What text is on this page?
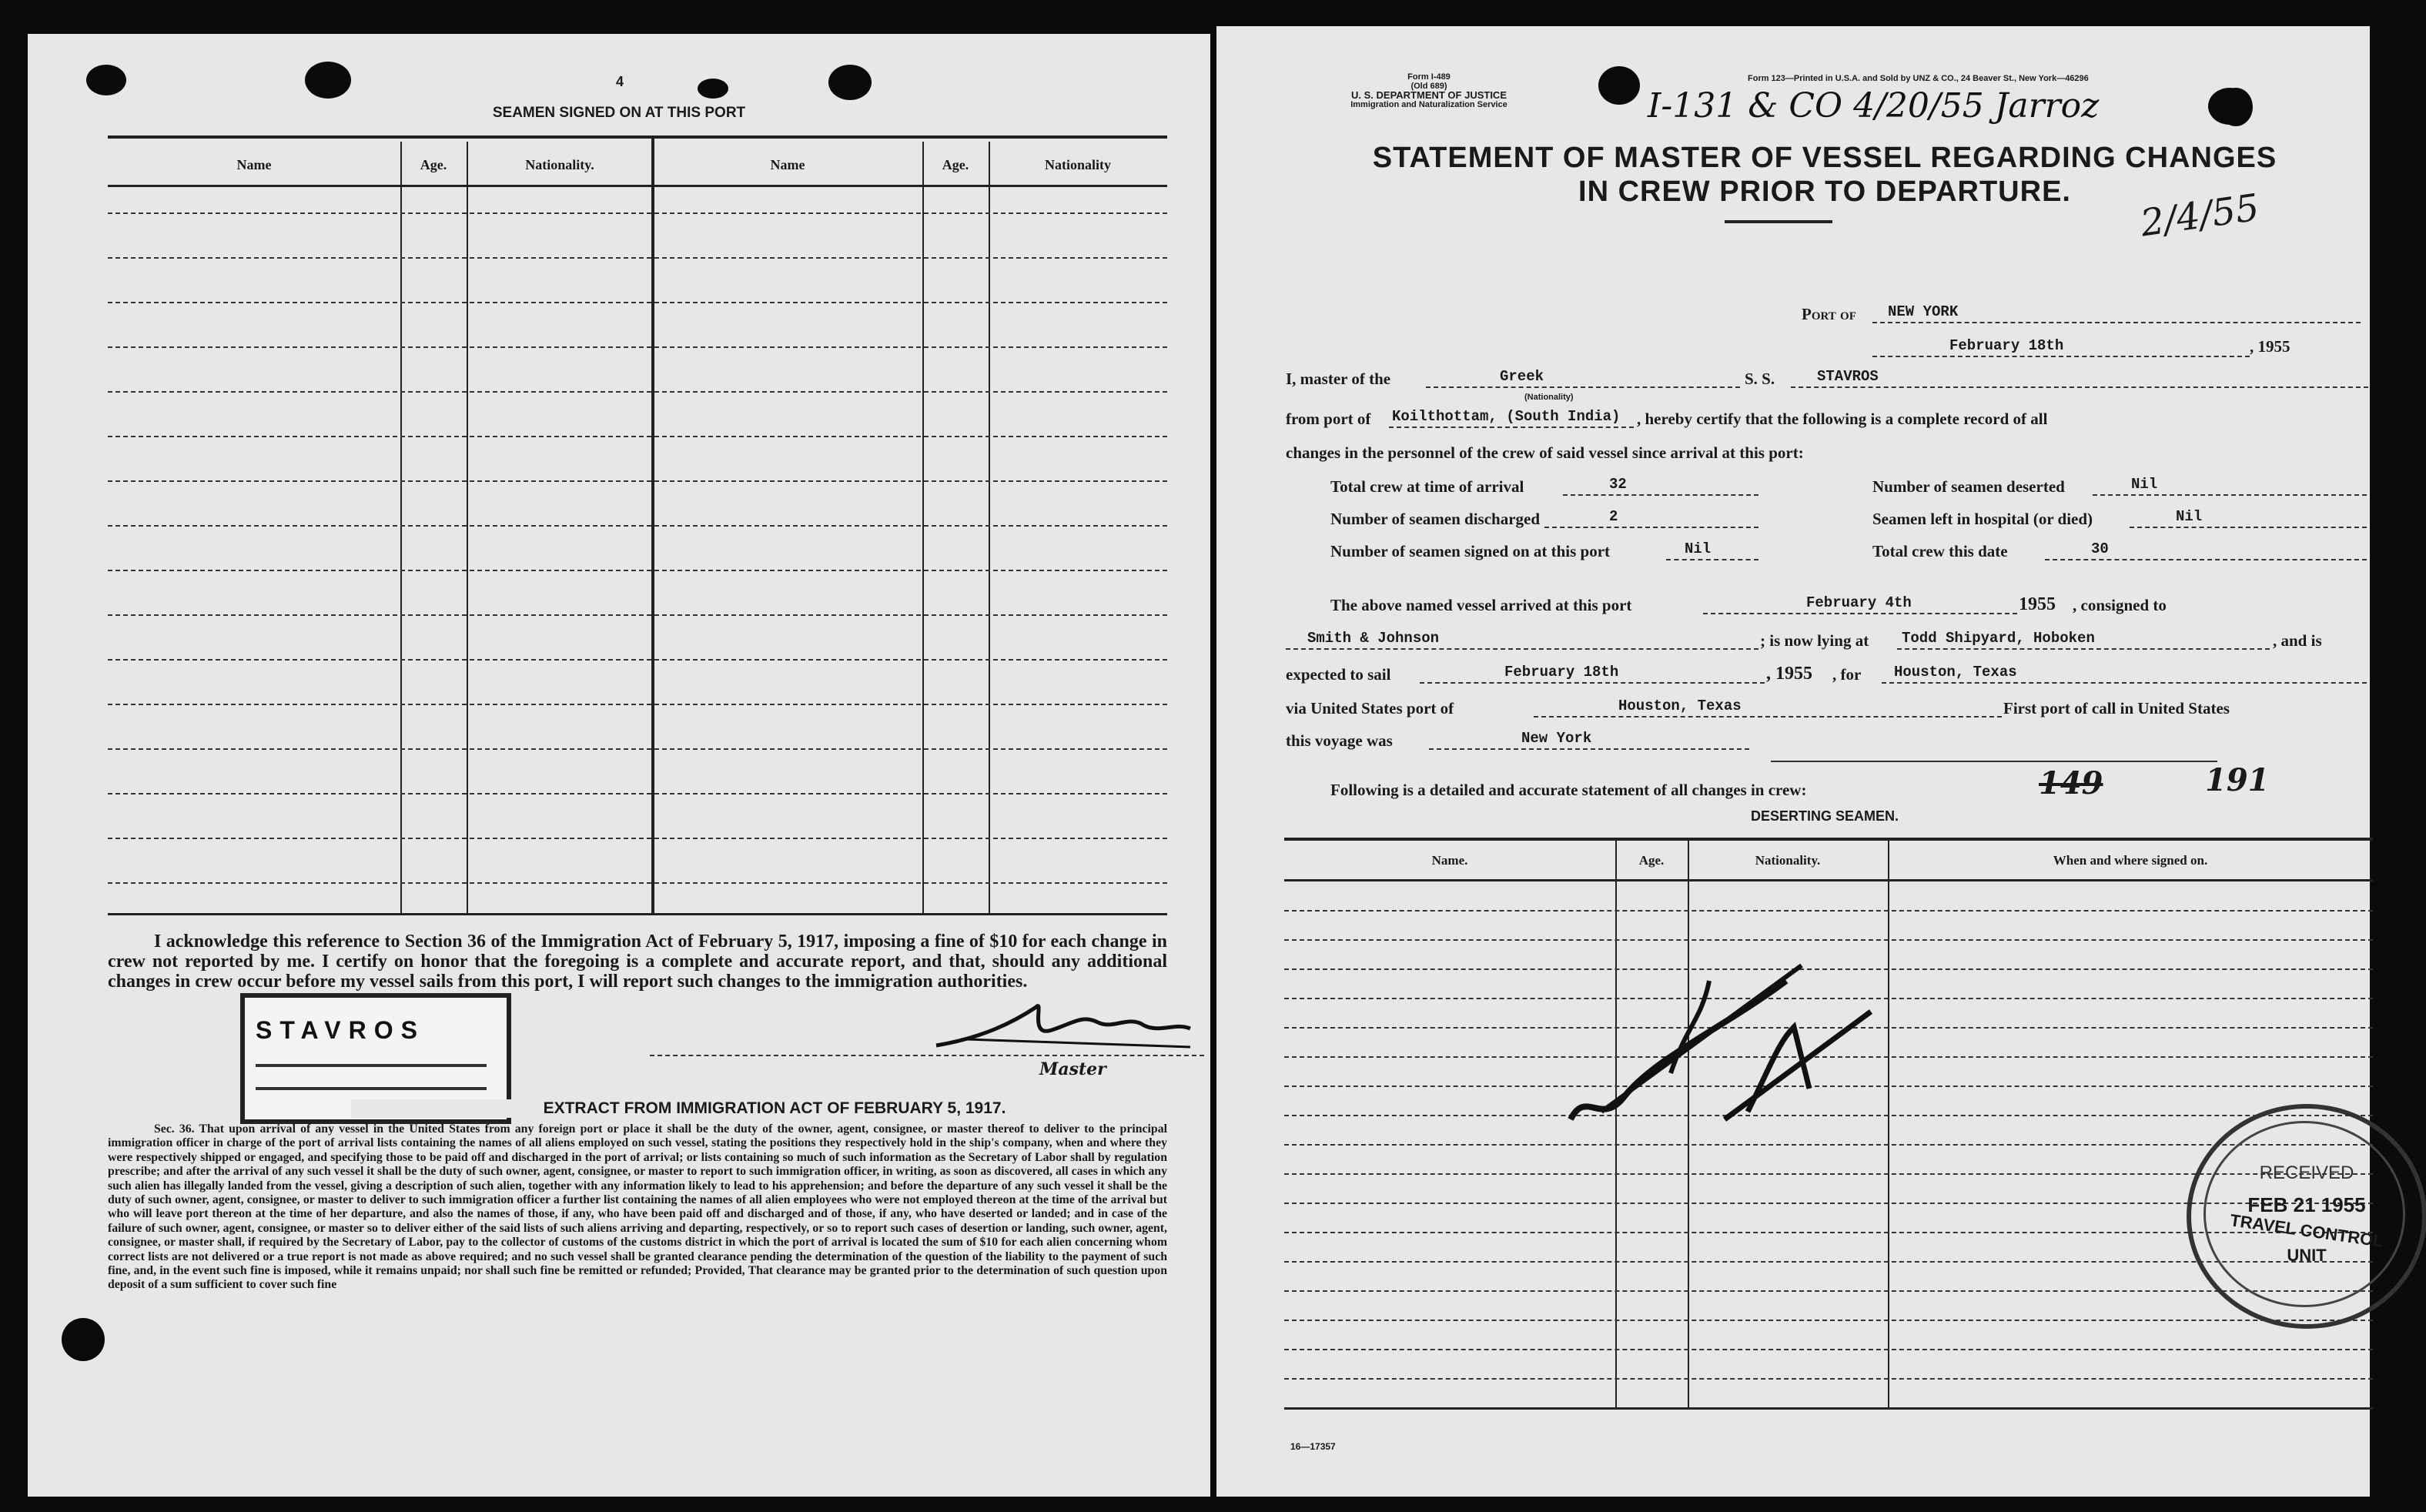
4
SEAMEN SIGNED ON AT THIS PORT
Name	Age.	Nationality.	Name	Age.	Nationality
I acknowledge this reference to Section 36 of the Immigration Act of February 5, 1917, imposing a fine of $10 for each change in crew not reported by me. I certify on honor that the foregoing is a complete and accurate report, and that, should any additional changes in crew occur before my vessel sails from this port, I will report such changes to the immigration authorities.
STAVROS
Master
EXTRACT FROM IMMIGRATION ACT OF FEBRUARY 5, 1917.
Sec. 36. That upon arrival of any vessel in the United States from any foreign port or place it shall be the duty of the owner, agent, consignee, or master thereof to deliver to the principal immigration officer in charge of the port of arrival lists containing the names of all aliens employed on such vessel, stating the positions they respectively hold in the ship's company, when and where they were respectively shipped or engaged, and specifying those to be paid off and discharged in the port of arrival; or lists containing so much of such information as the Secretary of Labor shall by regulation prescribe; and after the arrival of any such vessel it shall be the duty of such owner, agent, consignee, or master to report to such immigration officer, in writing, as soon as discovered, all cases in which any such alien has illegally landed from the vessel, giving a description of such alien, together with any information likely to lead to his apprehension; and before the departure of any such vessel it shall be the duty of such owner, agent, consignee, or master to deliver to such immigration officer a further list containing the names of all alien employees who were not employed thereon at the time of the arrival but who will leave port thereon at the time of her departure, and also the names of those, if any, who have been paid off and discharged and of those, if any, who have deserted or landed; and in case of the failure of such owner, agent, consignee, or master so to deliver either of the said lists of such aliens arriving and departing, respectively, or so to report such cases of desertion or landing, such owner, agent, consignee, or master shall, if required by the Secretary of Labor, pay to the collector of customs of the customs district in which the port of arrival is located the sum of $10 for each alien concerning whom correct lists are not delivered or a true report is not made as above required; and no such vessel shall be granted clearance pending the determination of the question of the liability to the payment of such fine, and, in the event such fine is imposed, while it remains unpaid; nor shall such fine be remitted or refunded; Provided, That clearance may be granted prior to the determination of such question upon deposit of a sum sufficient to cover such fine
Form I-489
(Old 689)
U. S. DEPARTMENT OF JUSTICE
Immigration and Naturalization Service
Form 123—Printed in U.S.A. and Sold by UNZ & CO., 24 Beaver St., New York—46296
I-131 & CO 4/20/55 Jarroz
STATEMENT OF MASTER OF VESSEL REGARDING CHANGES
IN CREW PRIOR TO DEPARTURE.	2/4/55
Port of	NEW YORK
February 18th	, 1955
I, master of the	Greek
(Nationality)
S. S.	STAVROS
from port of Koilthottam, (South India)	, hereby certify that the following is a complete record of all
changes in the personnel of the crew of said vessel since arrival at this port:
Total crew at time of arrival	32	Number of seamen deserted	Nil
Number of seamen discharged	2	Seamen left in hospital (or died)	Nil
Number of seamen signed on at this port	Nil	Total crew this date	30
The above named vessel arrived at this port	February 4th	1955 , consigned to
Smith & Johnson	; is now lying at	Todd Shipyard, Hoboken	, and is
expected to sail	February 18th	, 1955 , for	Houston, Texas
via United States port of	Houston, Texas	First port of call in United States
this voyage was	New York
Following is a detailed and accurate statement of all changes in crew:	149	191
DESERTING SEAMEN.
Name.	Age.	Nationality.	When and where signed on.
RECEIVED
FEB 21 1955
TRAVEL CONTROL
UNIT
16—17357
